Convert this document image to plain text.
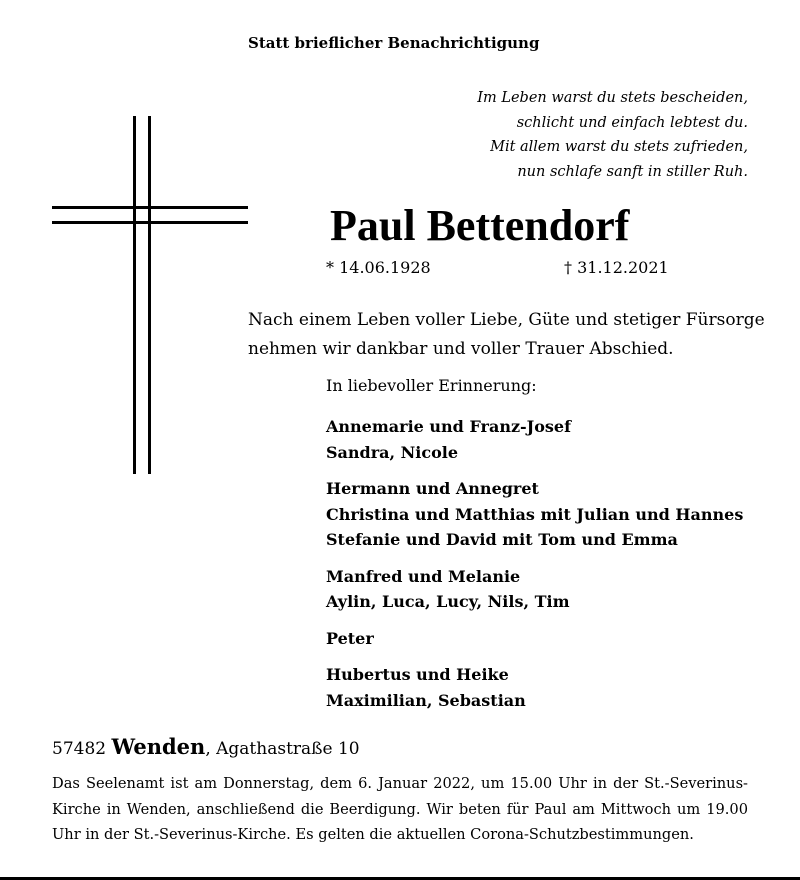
Statt brieflicher Benachrichtigung
Im Leben warst du stets bescheiden,
schlicht und einfach lebtest du.
Mit allem warst du stets zufrieden,
nun schlafe sanft in stiller Ruh.
Paul Bettendorf
* 14.06.1928	† 31.12.2021
Nach einem Leben voller Liebe, Güte und stetiger Fürsorge
nehmen wir dankbar und voller Trauer Abschied.
In liebevoller Erinnerung:
Annemarie und Franz-Josef
Sandra, Nicole
Hermann und Annegret
Christina und Matthias mit Julian und Hannes
Stefanie und David mit Tom und Emma
Manfred und Melanie
Aylin, Luca, Lucy, Nils, Tim
Peter
Hubertus und Heike
Maximilian, Sebastian
57482 Wenden, Agathastraße 10
Das Seelenamt ist am Donnerstag, dem 6. Januar 2022, um 15.00 Uhr in der St.-Severinus-Kirche in Wenden, anschließend die Beerdigung. Wir beten für Paul am Mittwoch um 19.00 Uhr in der St.-Severinus-Kirche. Es gelten die aktuellen Corona-Schutzbestimmungen.
